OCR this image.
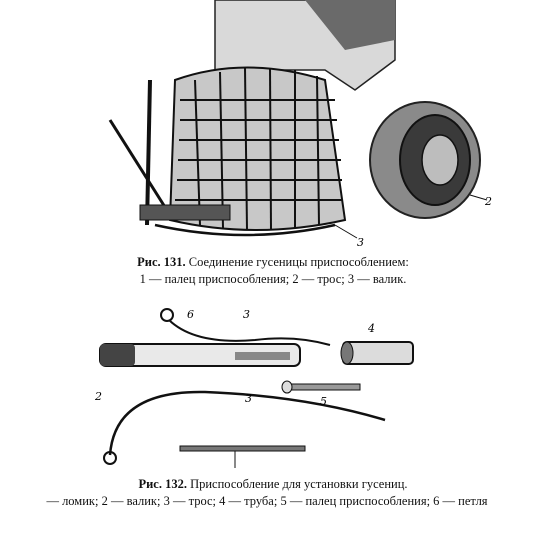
2
3
Рис. 131. Соединение гусеницы приспособлением:
1 — палец приспособления; 2 — трос; 3 — валик.
6	3
4
2	5
3
Рис. 132. Приспособление для установки гусениц.
— ломик; 2 — валик; 3 — трос; 4 — труба; 5 — палец приспособления; 6 — петля
